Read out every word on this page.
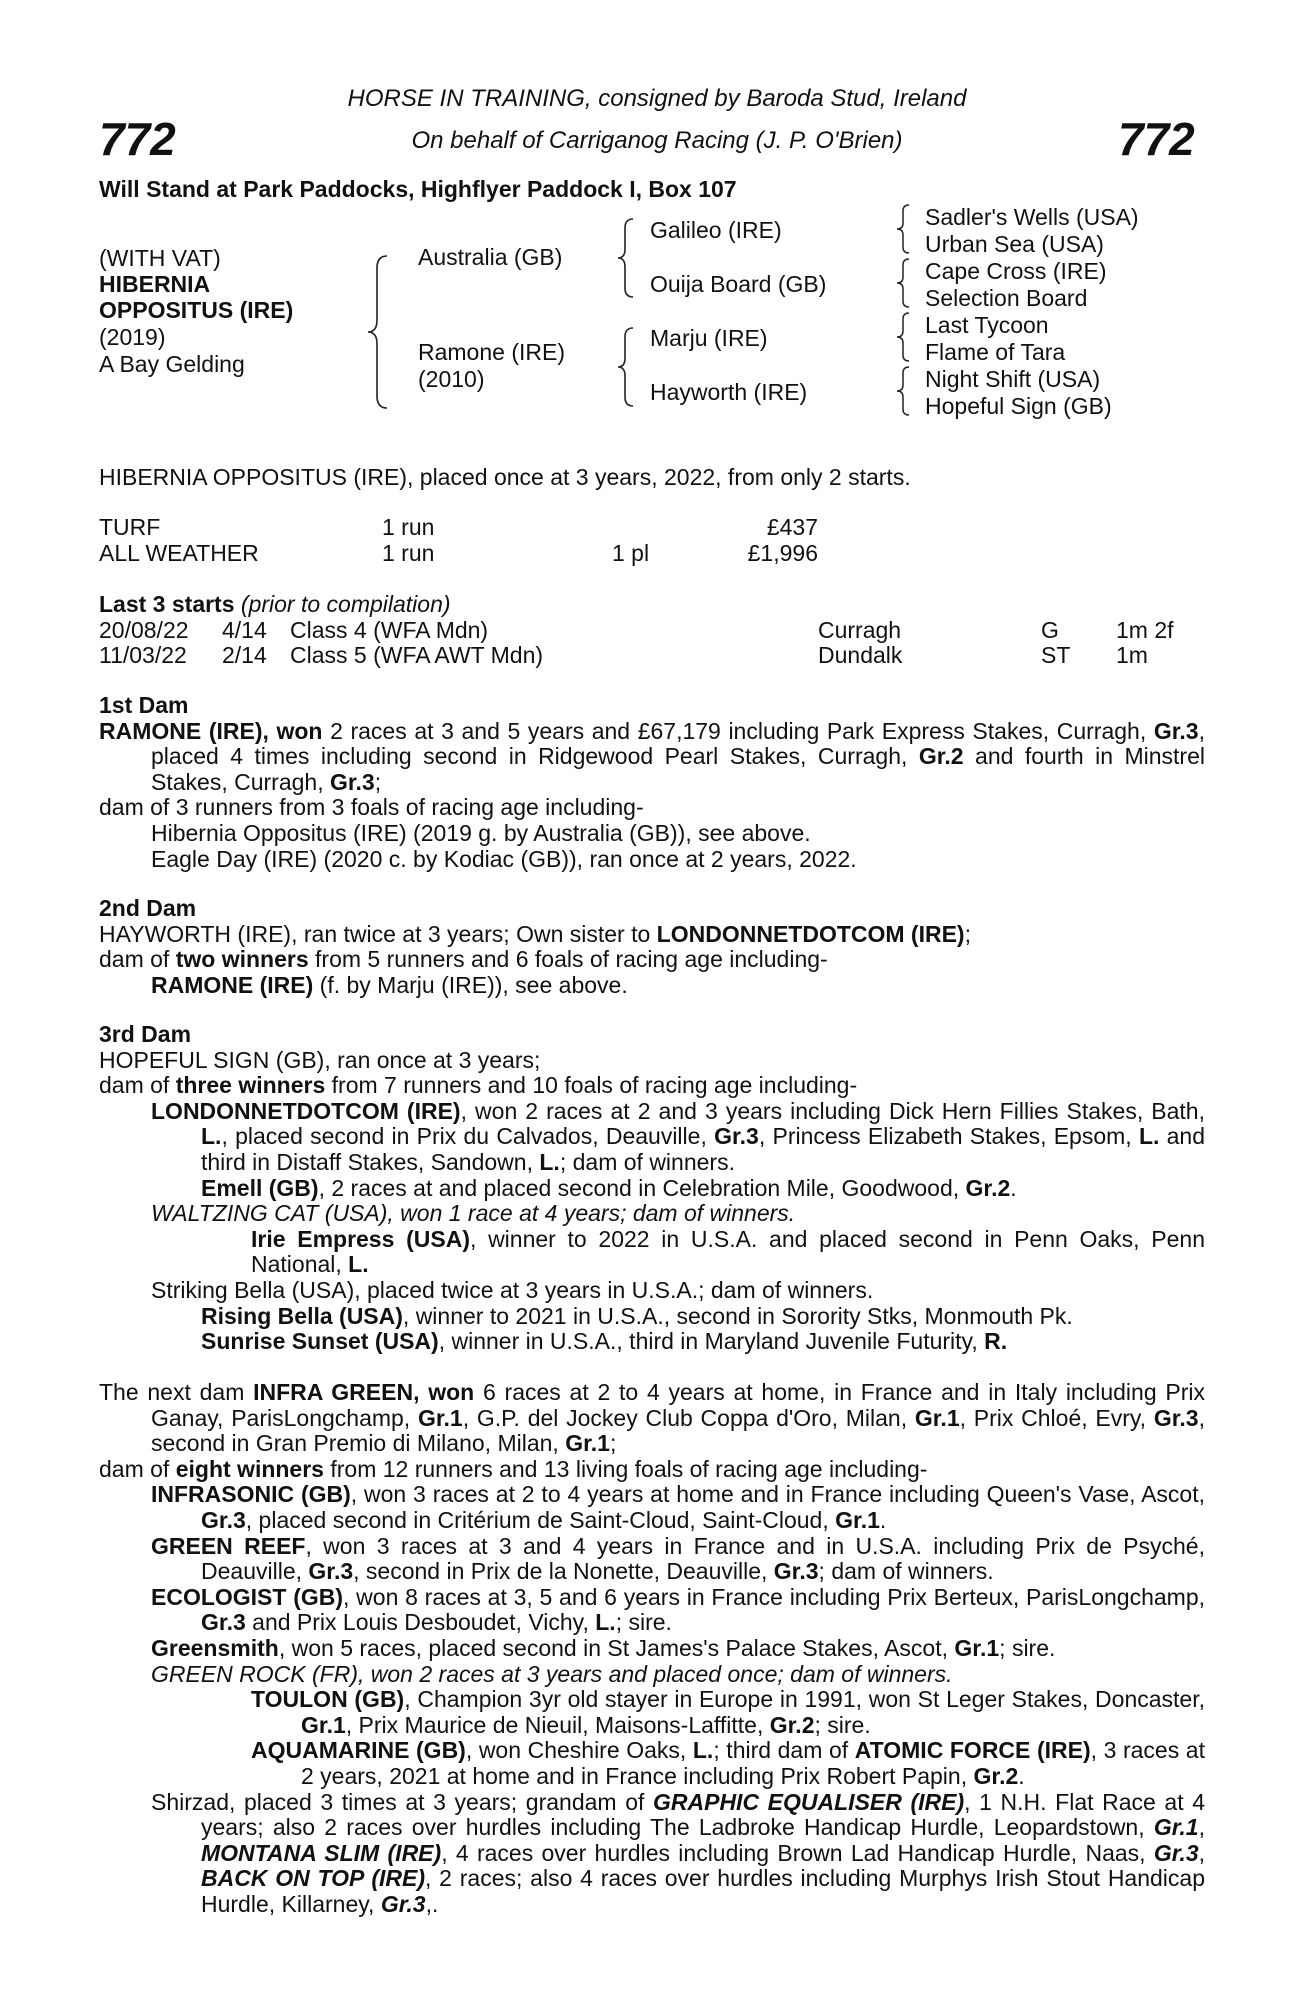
772	772
HORSE IN TRAINING, consigned by Baroda Stud, Ireland
On behalf of Carriganog Racing (J. P. O'Brien)
Will Stand at Park Paddocks, Highflyer Paddock I, Box 107
(WITH VAT)
HIBERNIA
OPPOSITUS (IRE)
(2019)
A Bay Gelding
Australia (GB)
Ramone (IRE)
(2010)
Galileo (IRE)
Ouija Board (GB)
Marju (IRE)
Hayworth (IRE)
Sadler's Wells (USA)
Urban Sea (USA)
Cape Cross (IRE)
Selection Board
Last Tycoon
Flame of Tara
Night Shift (USA)
Hopeful Sign (GB)
HIBERNIA OPPOSITUS (IRE), placed once at 3 years, 2022, from only 2 starts.
TURF	1 run	£437
ALL WEATHER	1 run	1 pl	£1,996
Last 3 starts (prior to compilation)
20/08/22 4/14 Class 4 (WFA Mdn)	Curragh	G 1m 2f
11/03/22 2/14 Class 5 (WFA AWT Mdn)	Dundalk	ST 1m

1st Dam

RAMONE (IRE), won 2 races at 3 and 5 years and £67,179 including Park Express Stakes, Curragh, Gr.3, placed 4 times including second in Ridgewood Pearl Stakes, Curragh, Gr.2 and fourth in Minstrel Stakes, Curragh, Gr.3;

dam of 3 runners from 3 foals of racing age including-

Hibernia Oppositus (IRE) (2019 g. by Australia (GB)), see above.

Eagle Day (IRE) (2020 c. by Kodiac (GB)), ran once at 2 years, 2022.

2nd Dam

HAYWORTH (IRE), ran twice at 3 years; Own sister to LONDONNETDOTCOM (IRE);

dam of two winners from 5 runners and 6 foals of racing age including-

RAMONE (IRE) (f. by Marju (IRE)), see above.

3rd Dam

HOPEFUL SIGN (GB), ran once at 3 years;

dam of three winners from 7 runners and 10 foals of racing age including-

LONDONNETDOTCOM (IRE), won 2 races at 2 and 3 years including Dick Hern Fillies Stakes, Bath, L., placed second in Prix du Calvados, Deauville, Gr.3, Princess Elizabeth Stakes, Epsom, L. and third in Distaff Stakes, Sandown, L.; dam of winners.

Emell (GB), 2 races at and placed second in Celebration Mile, Goodwood, Gr.2.

WALTZING CAT (USA), won 1 race at 4 years; dam of winners.

Irie Empress (USA), winner to 2022 in U.S.A. and placed second in Penn Oaks, Penn National, L.

Striking Bella (USA), placed twice at 3 years in U.S.A.; dam of winners.

Rising Bella (USA), winner to 2021 in U.S.A., second in Sorority Stks, Monmouth Pk.

Sunrise Sunset (USA), winner in U.S.A., third in Maryland Juvenile Futurity, R.

The next dam INFRA GREEN, won 6 races at 2 to 4 years at home, in France and in Italy including Prix Ganay, ParisLongchamp, Gr.1, G.P. del Jockey Club Coppa d'Oro, Milan, Gr.1, Prix Chloé, Evry, Gr.3, second in Gran Premio di Milano, Milan, Gr.1;

dam of eight winners from 12 runners and 13 living foals of racing age including-

INFRASONIC (GB), won 3 races at 2 to 4 years at home and in France including Queen's Vase, Ascot, Gr.3, placed second in Critérium de Saint-Cloud, Saint-Cloud, Gr.1.

GREEN REEF, won 3 races at 3 and 4 years in France and in U.S.A. including Prix de Psyché, Deauville, Gr.3, second in Prix de la Nonette, Deauville, Gr.3; dam of winners.

ECOLOGIST (GB), won 8 races at 3, 5 and 6 years in France including Prix Berteux, ParisLongchamp, Gr.3 and Prix Louis Desboudet, Vichy, L.; sire.

Greensmith, won 5 races, placed second in St James's Palace Stakes, Ascot, Gr.1; sire.

GREEN ROCK (FR), won 2 races at 3 years and placed once; dam of winners.

TOULON (GB), Champion 3yr old stayer in Europe in 1991, won St Leger Stakes, Doncaster, Gr.1, Prix Maurice de Nieuil, Maisons-Laffitte, Gr.2; sire.

AQUAMARINE (GB), won Cheshire Oaks, L.; third dam of ATOMIC FORCE (IRE), 3 races at 2 years, 2021 at home and in France including Prix Robert Papin, Gr.2.

Shirzad, placed 3 times at 3 years; grandam of GRAPHIC EQUALISER (IRE), 1 N.H. Flat Race at 4 years; also 2 races over hurdles including The Ladbroke Handicap Hurdle, Leopardstown, Gr.1, MONTANA SLIM (IRE), 4 races over hurdles including Brown Lad Handicap Hurdle, Naas, Gr.3, BACK ON TOP (IRE), 2 races; also 4 races over hurdles including Murphys Irish Stout Handicap Hurdle, Killarney, Gr.3,.
